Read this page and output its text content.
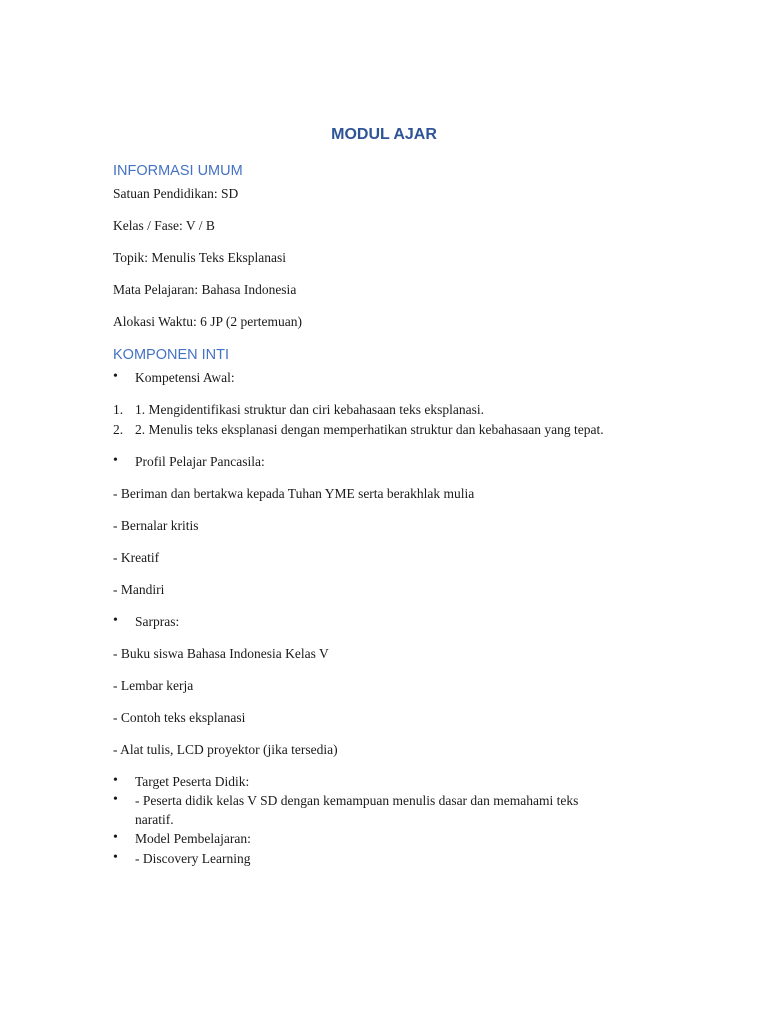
MODUL AJAR
INFORMASI UMUM
Satuan Pendidikan: SD
Kelas / Fase: V / B
Topik: Menulis Teks Eksplanasi
Mata Pelajaran: Bahasa Indonesia
Alokasi Waktu: 6 JP (2 pertemuan)
KOMPONEN INTI
• Kompetensi Awal:
1. 1. Mengidentifikasi struktur dan ciri kebahasaan teks eksplanasi.
2. 2. Menulis teks eksplanasi dengan memperhatikan struktur dan kebahasaan yang tepat.
• Profil Pelajar Pancasila:
- Beriman dan bertakwa kepada Tuhan YME serta berakhlak mulia
- Bernalar kritis
- Kreatif
- Mandiri
• Sarpras:
- Buku siswa Bahasa Indonesia Kelas V
- Lembar kerja
- Contoh teks eksplanasi
- Alat tulis, LCD proyektor (jika tersedia)
• Target Peserta Didik:
• - Peserta didik kelas V SD dengan kemampuan menulis dasar dan memahami teks
naratif.
• Model Pembelajaran:
• - Discovery Learning
